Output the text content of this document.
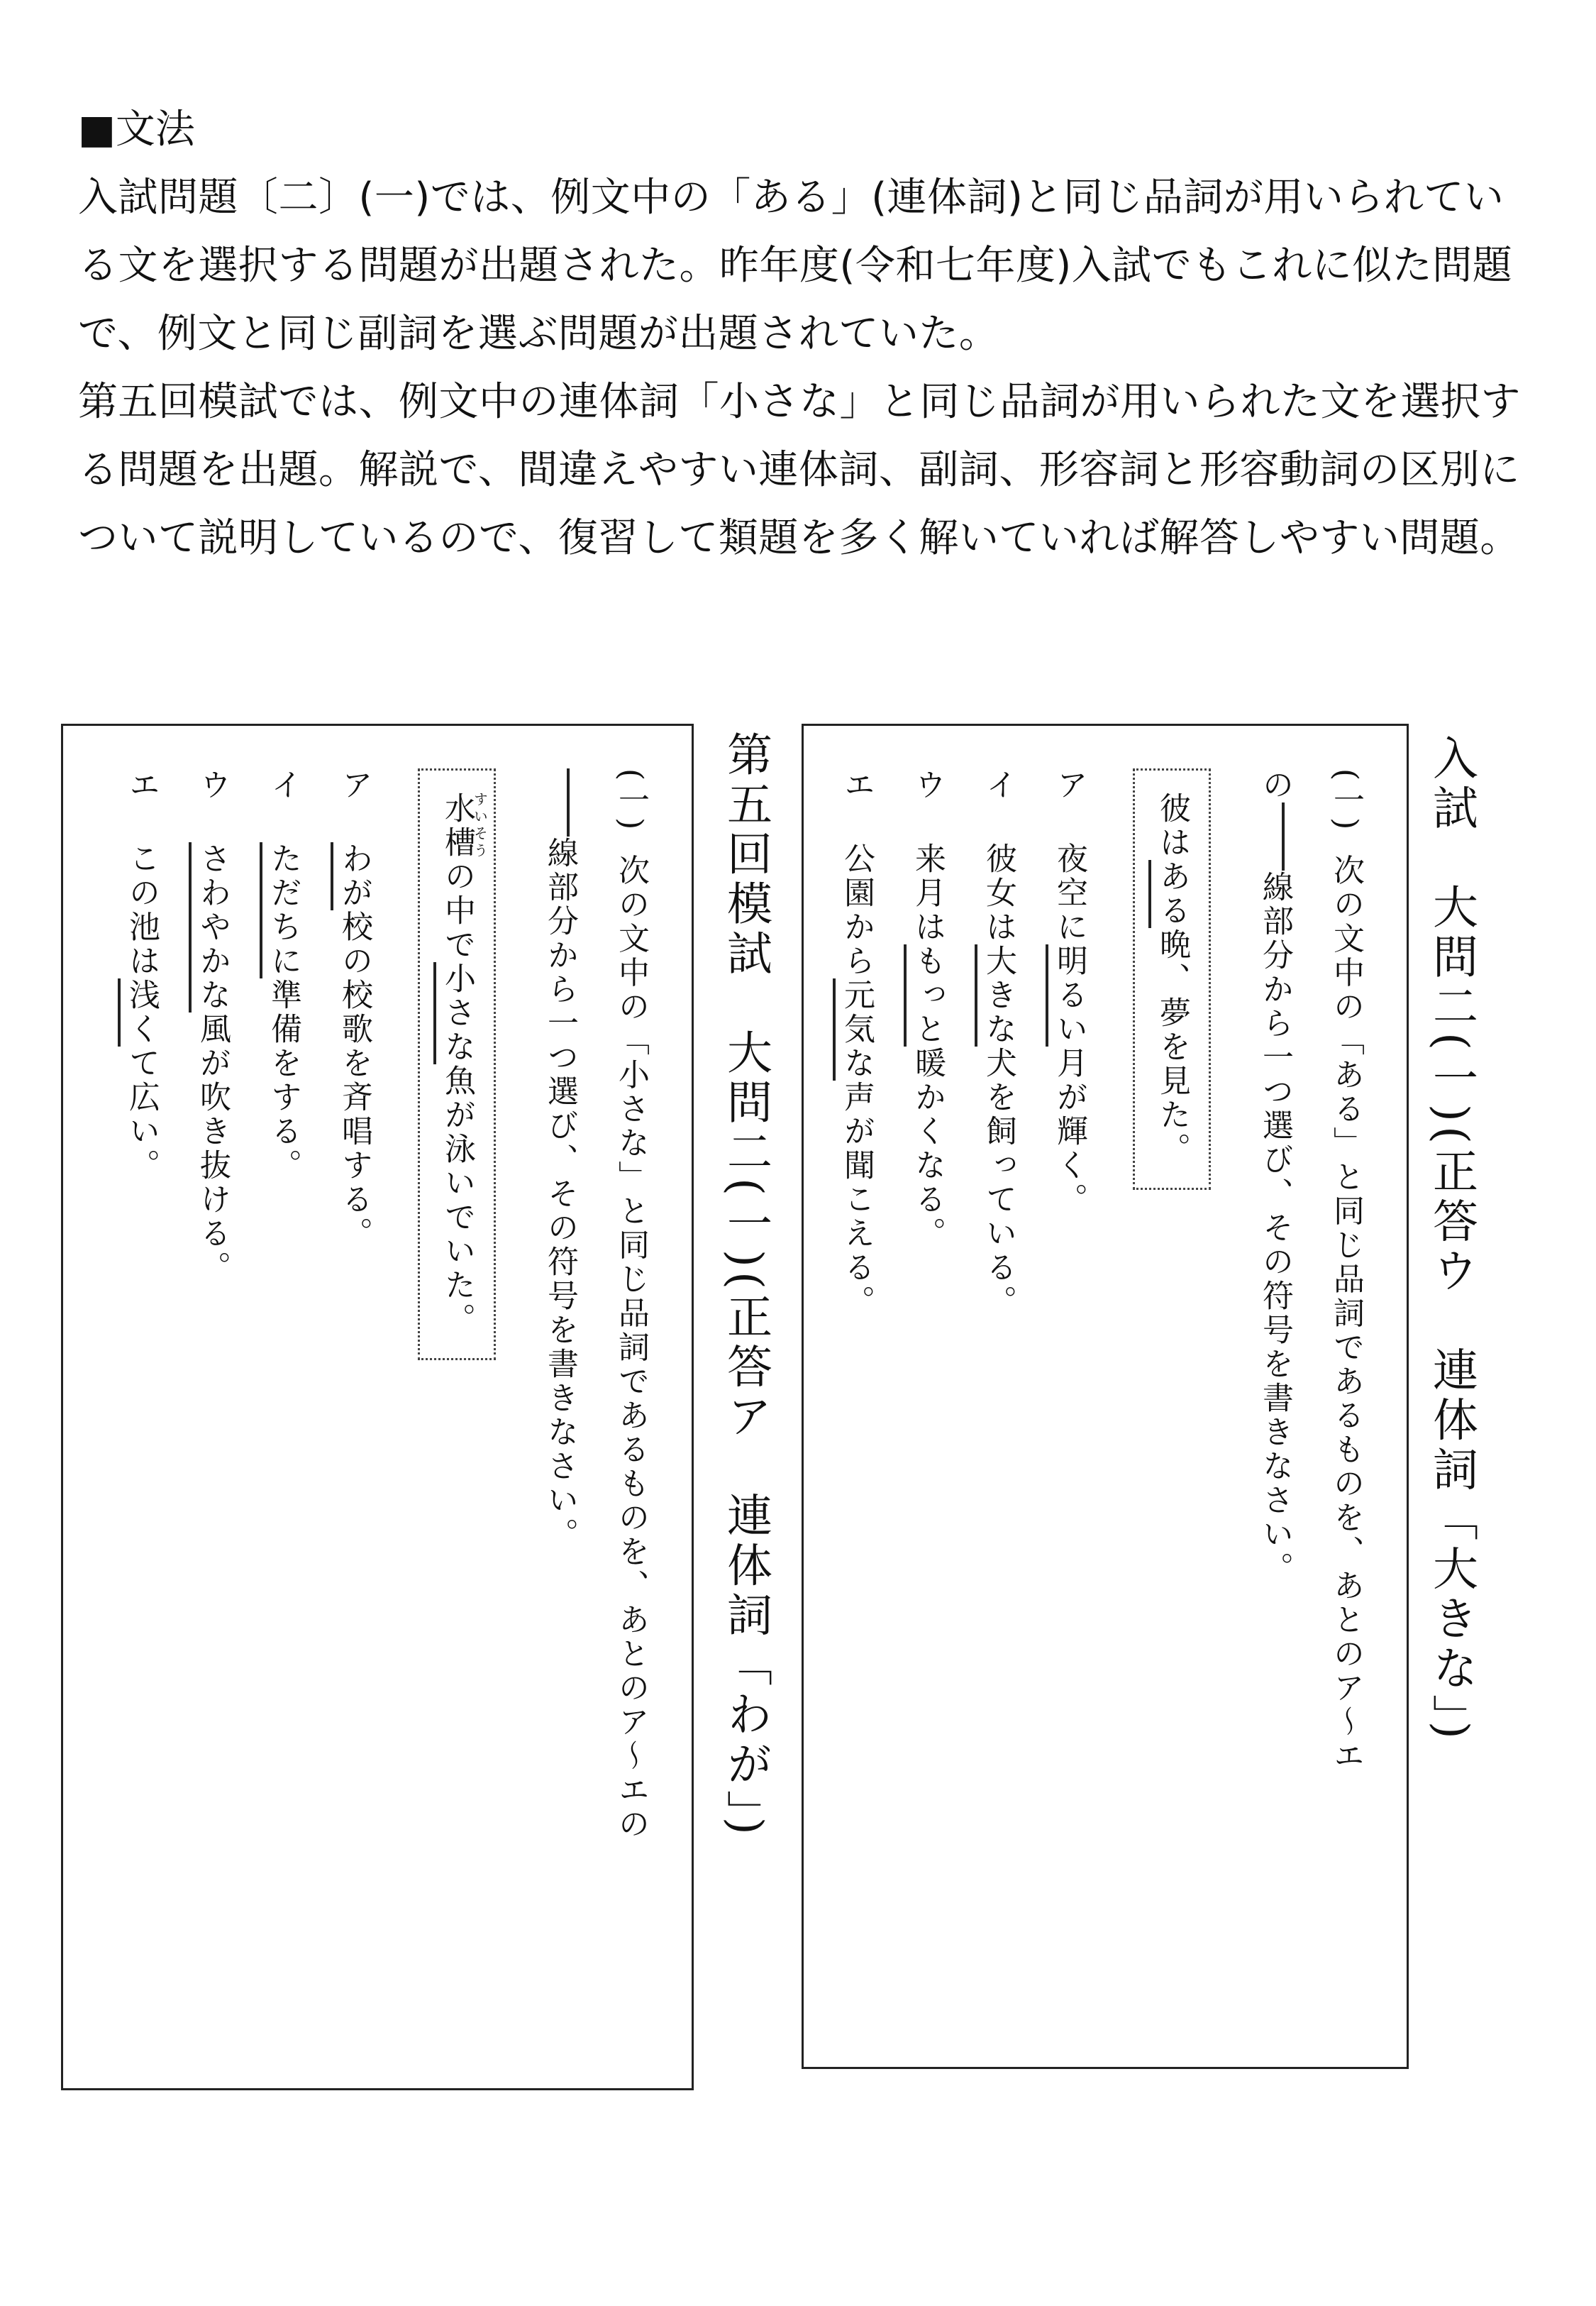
■文法

入試問題〔二〕(一)では、例文中の「ある」(連体詞)と同じ品詞が用いられている文を選択する問題が出題された。昨年度(令和七年度)入試でもこれに似た問題で、例文と同じ副詞を選ぶ問題が出題されていた。

第五回模試では、例文中の連体詞「小さな」と同じ品詞が用いられた文を選択する問題を出題。解説で、間違えやすい連体詞、副詞、形容詞と形容動詞の区別について説明しているので、復習して類題を多く解いていれば解答しやすい問題。

入試　大問二(一)(正答ウ　連体詞「大きな」)
(一)次の文中の「ある」と同じ品詞であるものを、あとのア～エ
の線部分から一つ選び、その符号を書きなさい。
彼はある晩、夢を見た。
ア夜空に明るい月が輝く。
イ彼女は大きな犬を飼っている。
ウ来月はもっと暖かくなる。
エ公園から元気な声が聞こえる。
第五回模試　大問二(一)(正答ア　連体詞「わが」)
(一)次の文中の「小さな」と同じ品詞であるものを、あとのア～エの
線部分から一つ選び、その符号を書きなさい。
水槽すいそうの中で小さな魚が泳いでいた。
アわが校の校歌を斉唱する。
イただちに準備をする。
ウさわやかな風が吹き抜ける。
エこの池は浅くて広い。
